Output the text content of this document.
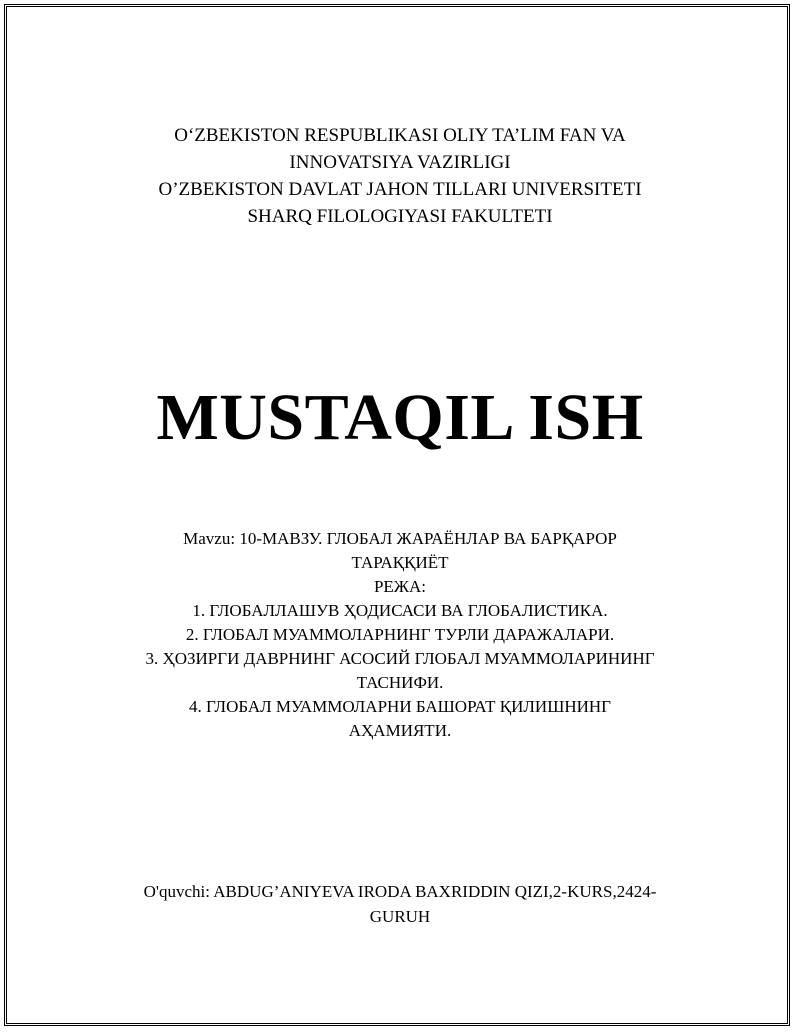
O‘ZBEKISTON RESPUBLIKASI OLIY TA’LIM FAN VA
INNOVATSIYA VAZIRLIGI
O’ZBEKISTON DAVLAT JAHON TILLARI UNIVERSITETI
SHARQ FILOLOGIYASI FAKULTETI
MUSTAQIL ISH
Mavzu: 10-МАВЗУ. ГЛОБАЛ ЖАРАЁНЛАР ВА БАРҚАРОР
ТАРАҚҚИЁТ
РЕЖА:
1. ГЛОБАЛЛАШУВ ҲОДИСАСИ ВА ГЛОБАЛИСТИКА.
2. ГЛОБАЛ МУАММОЛАРНИНГ ТУРЛИ ДАРАЖАЛАРИ.
3. ҲОЗИРГИ ДАВРНИНГ АСОСИЙ ГЛОБАЛ МУАММОЛАРИНИНГ
ТАСНИФИ.
4. ГЛОБАЛ МУАММОЛАРНИ БАШОРАТ ҚИЛИШНИНГ
АҲАМИЯТИ.
O'quvchi: ABDUG’ANIYEVA IRODA BAXRIDDIN QIZI,2-KURS,2424-
GURUH
